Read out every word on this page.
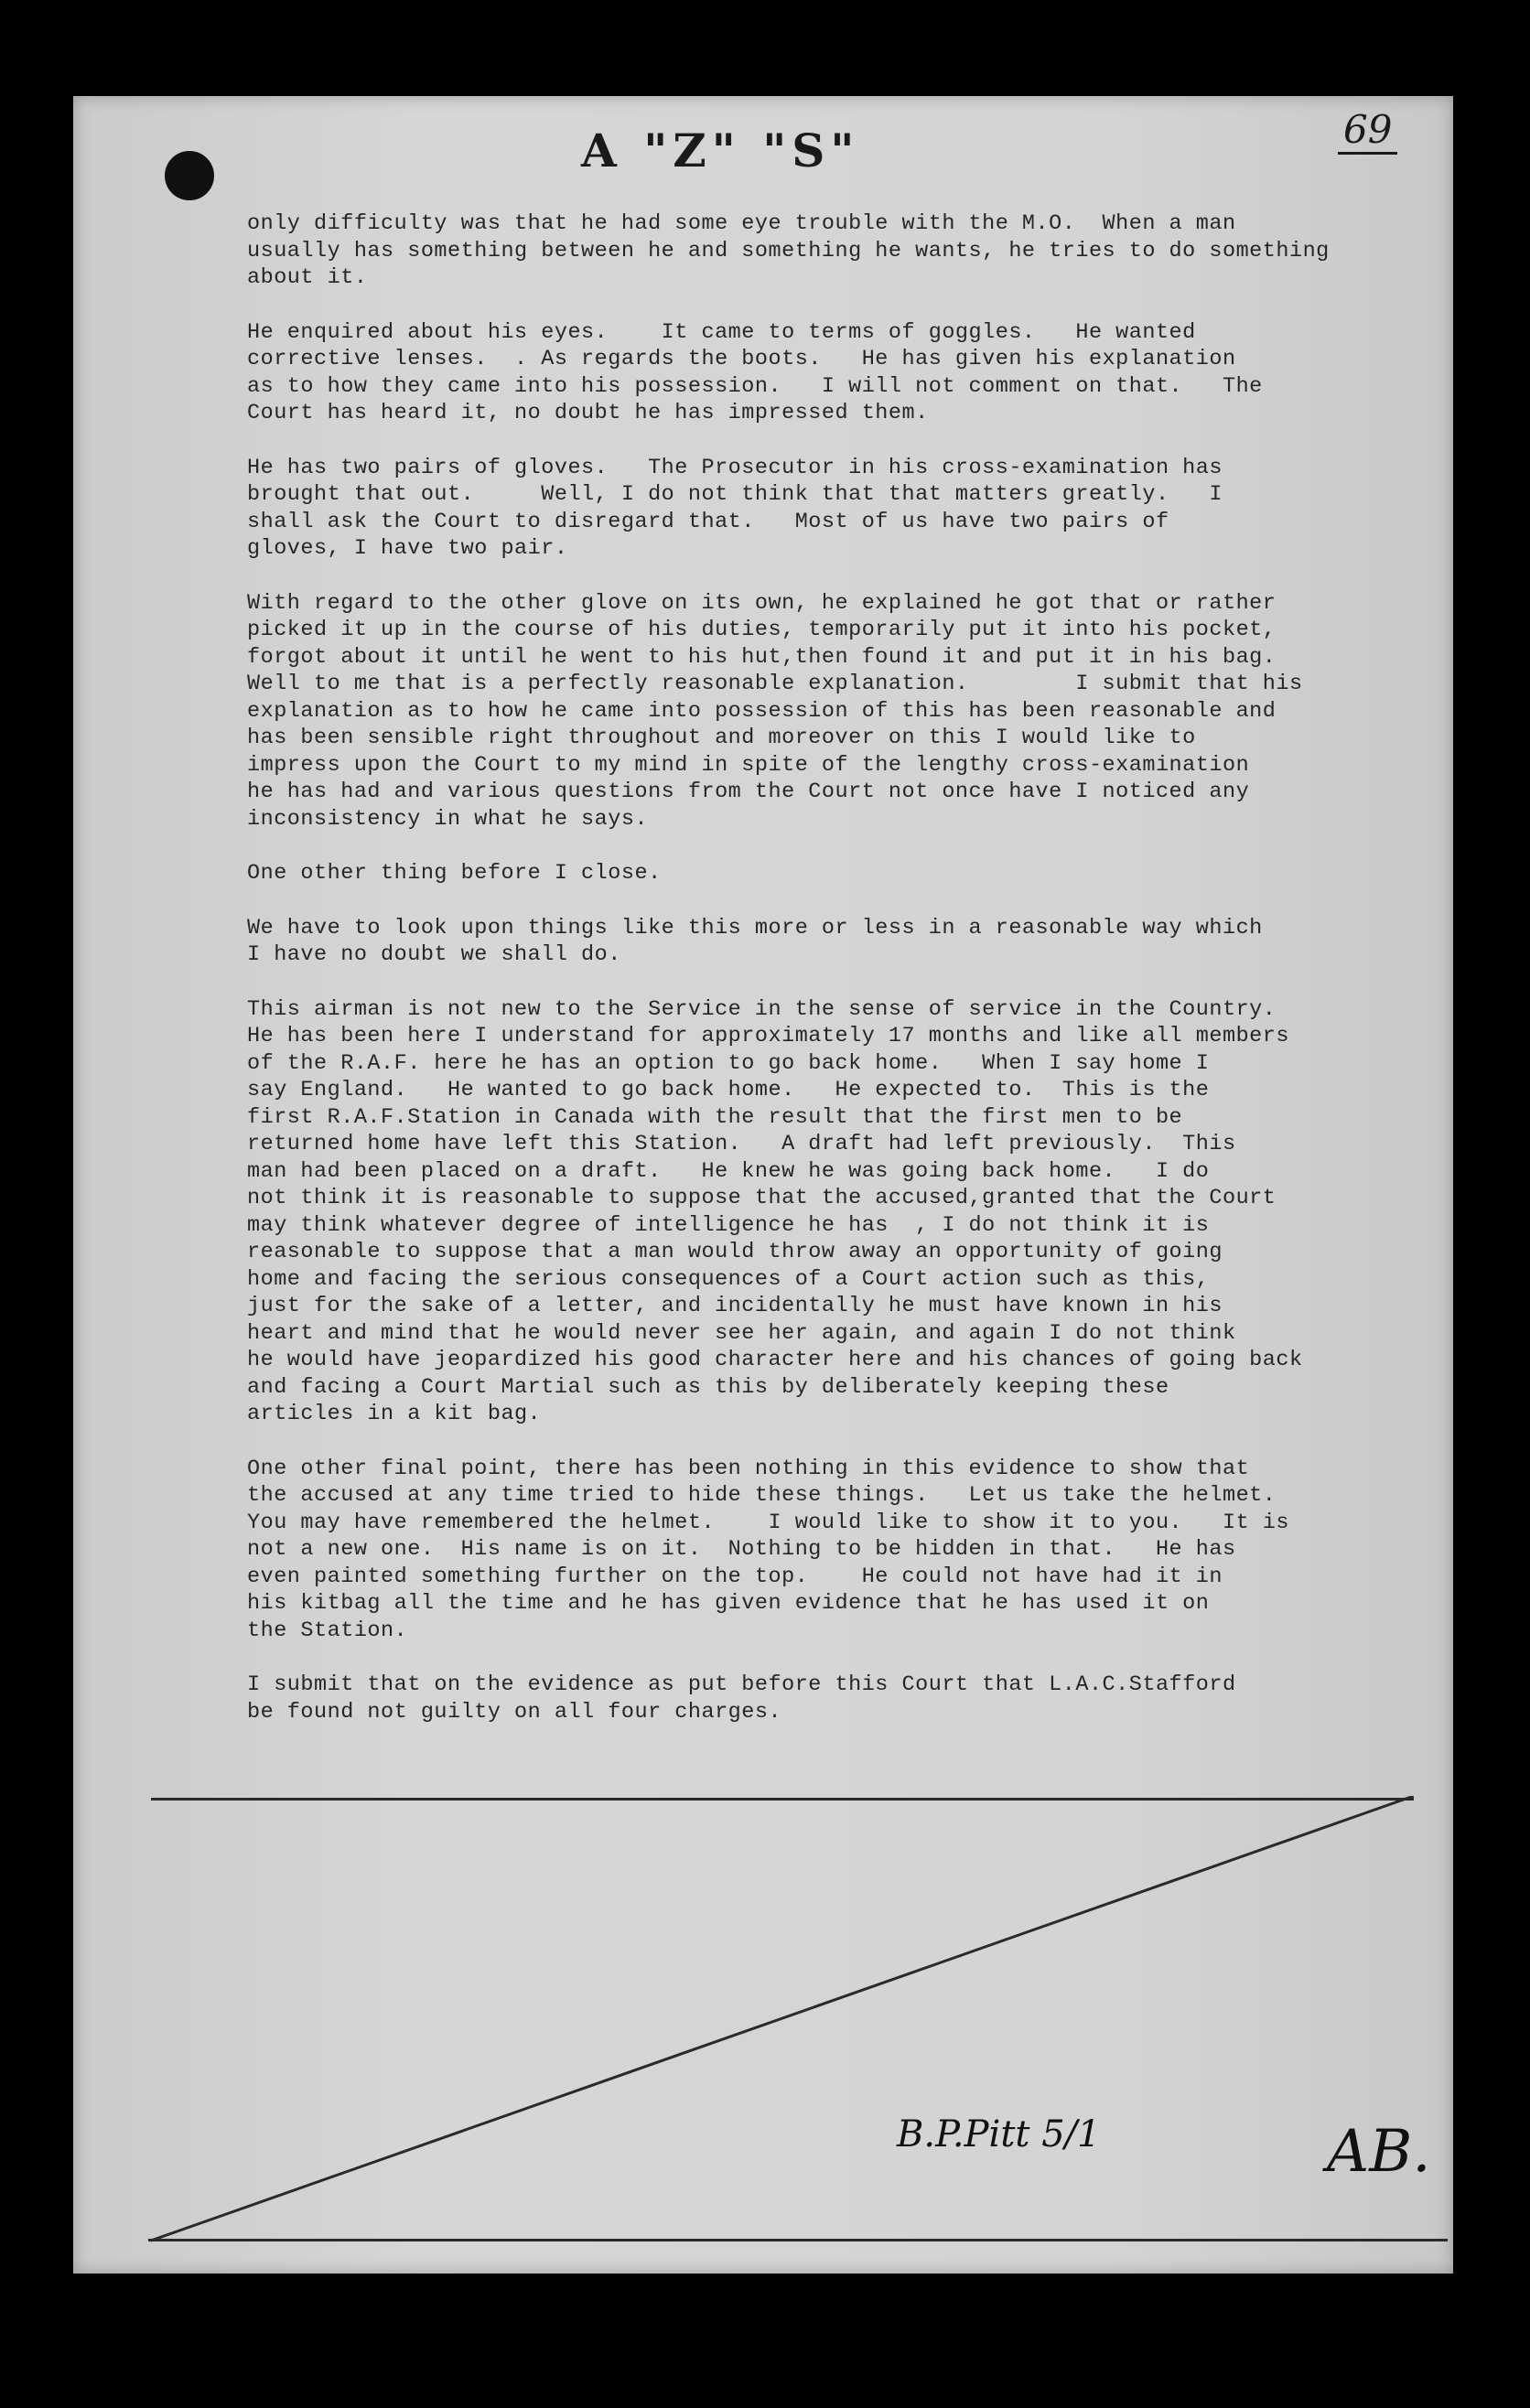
A "Z" "S"	69

only difficulty was that he had some eye trouble with the M.O.  When a man
usually has something between he and something he wants, he tries to do something
about it.

He enquired about his eyes.    It came to terms of goggles.   He wanted
corrective lenses.  . As regards the boots.   He has given his explanation
as to how they came into his possession.   I will not comment on that.   The
Court has heard it, no doubt he has impressed them.

He has two pairs of gloves.   The Prosecutor in his cross-examination has
brought that out.     Well, I do not think that that matters greatly.   I
shall ask the Court to disregard that.   Most of us have two pairs of
gloves, I have two pair.

With regard to the other glove on its own, he explained he got that or rather
picked it up in the course of his duties, temporarily put it into his pocket,
forgot about it until he went to his hut,then found it and put it in his bag.
Well to me that is a perfectly reasonable explanation.        I submit that his
explanation as to how he came into possession of this has been reasonable and
has been sensible right throughout and moreover on this I would like to
impress upon the Court to my mind in spite of the lengthy cross-examination
he has had and various questions from the Court not once have I noticed any
inconsistency in what he says.

One other thing before I close.

We have to look upon things like this more or less in a reasonable way which
I have no doubt we shall do.

This airman is not new to the Service in the sense of service in the Country.
He has been here I understand for approximately 17 months and like all members
of the R.A.F. here he has an option to go back home.   When I say home I
say England.   He wanted to go back home.   He expected to.  This is the
first R.A.F.Station in Canada with the result that the first men to be
returned home have left this Station.   A draft had left previously.  This
man had been placed on a draft.   He knew he was going back home.   I do
not think it is reasonable to suppose that the accused,granted that the Court
may think whatever degree of intelligence he has  , I do not think it is
reasonable to suppose that a man would throw away an opportunity of going
home and facing the serious consequences of a Court action such as this,
just for the sake of a letter, and incidentally he must have known in his
heart and mind that he would never see her again, and again I do not think
he would have jeopardized his good character here and his chances of going back
and facing a Court Martial such as this by deliberately keeping these
articles in a kit bag.

One other final point, there has been nothing in this evidence to show that
the accused at any time tried to hide these things.   Let us take the helmet.
You may have remembered the helmet.    I would like to show it to you.   It is
not a new one.  His name is on it.  Nothing to be hidden in that.   He has
even painted something further on the top.    He could not have had it in
his kitbag all the time and he has given evidence that he has used it on
the Station.

I submit that on the evidence as put before this Court that L.A.C.Stafford
be found not guilty on all four charges.

B.P.Pitt 5/1	AB.
